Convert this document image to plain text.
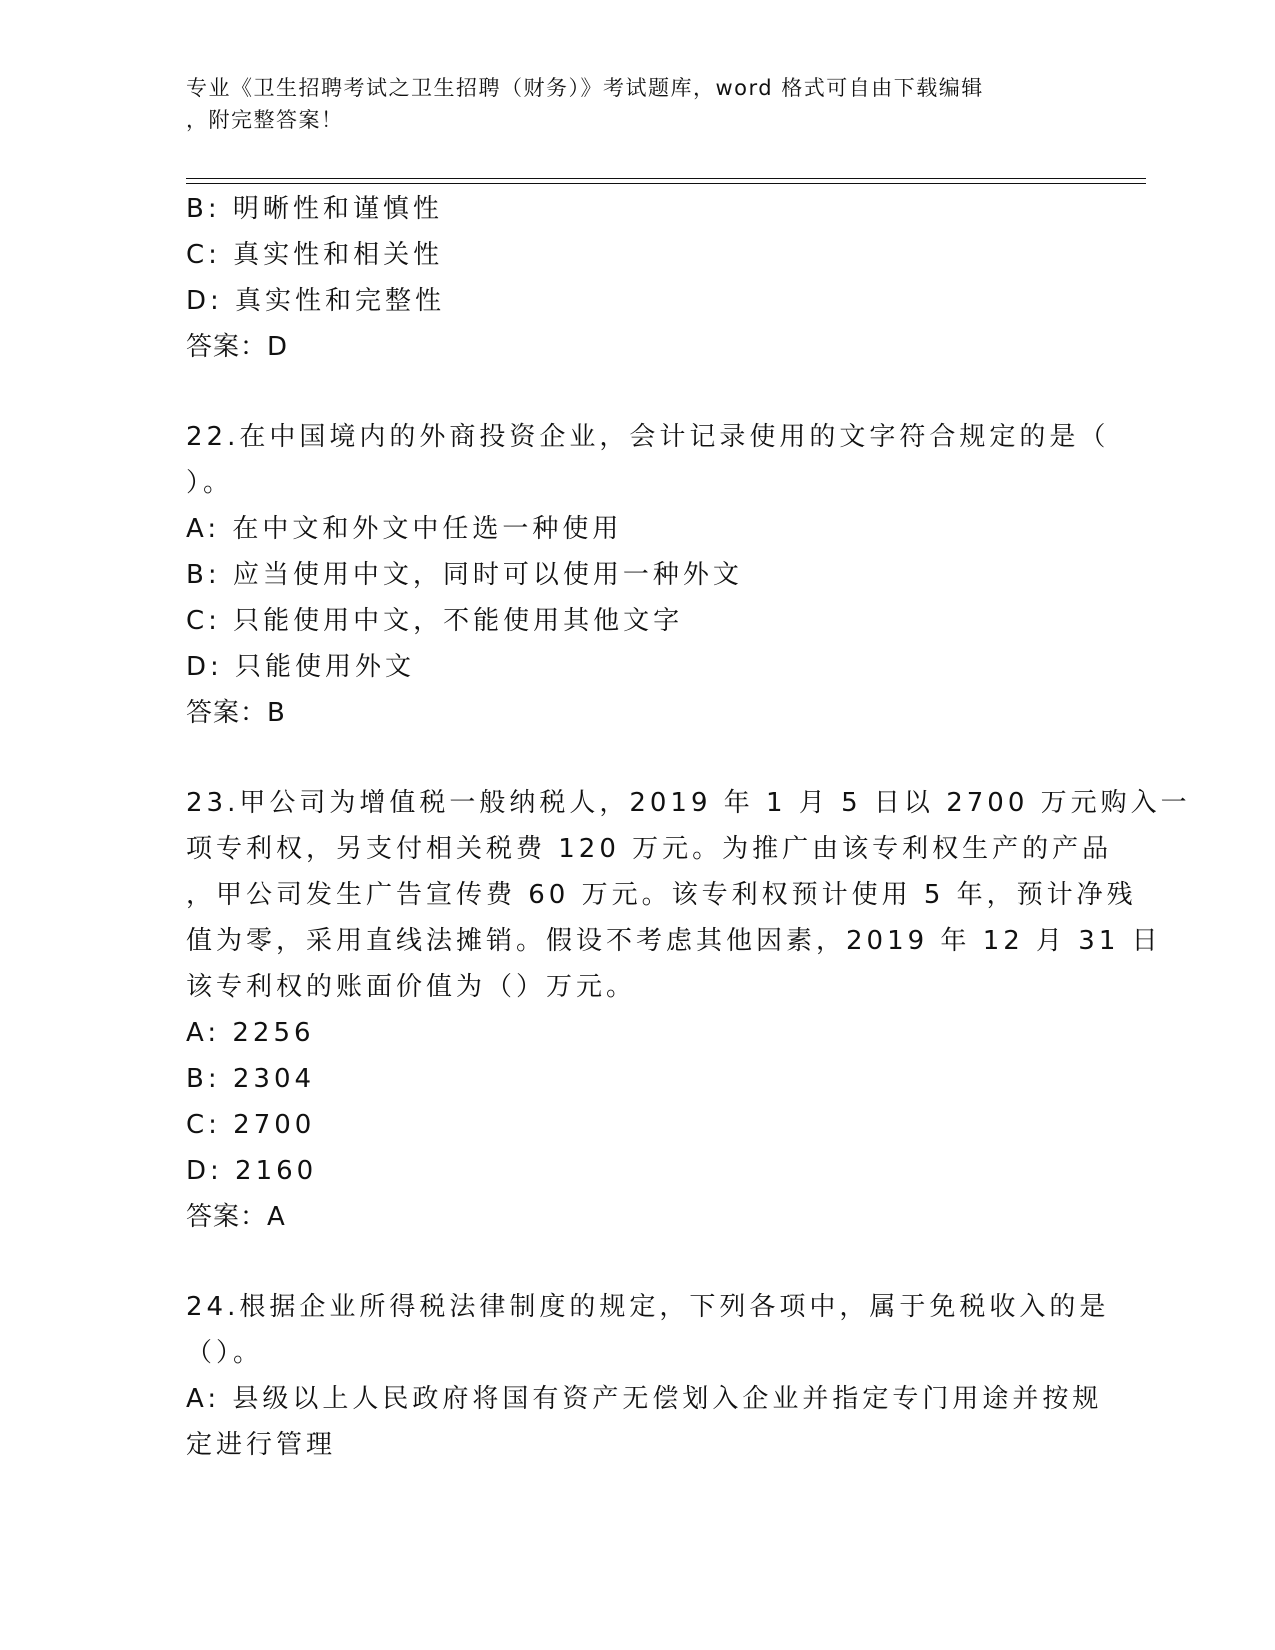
专业《卫生招聘考试之卫生招聘（财务）》考试题库，word 格式可自由下载编辑
，附完整答案！
B: 明晰性和谨慎性
C: 真实性和相关性
D: 真实性和完整性
答案：D
22.在中国境内的外商投资企业，会计记录使用的文字符合规定的是（
）。
A: 在中文和外文中任选一种使用
B: 应当使用中文，同时可以使用一种外文
C: 只能使用中文，不能使用其他文字
D: 只能使用外文
答案：B
23.甲公司为增值税一般纳税人，2019 年 1 月 5 日以 2700 万元购入一
项专利权，另支付相关税费 120 万元。为推广由该专利权生产的产品
，甲公司发生广告宣传费 60 万元。该专利权预计使用 5 年，预计净残
值为零，采用直线法摊销。假设不考虑其他因素，2019 年 12 月 31 日
该专利权的账面价值为（）万元。
A: 2256
B: 2304
C: 2700
D: 2160
答案：A
24.根据企业所得税法律制度的规定，下列各项中，属于免税收入的是
（）。
A: 县级以上人民政府将国有资产无偿划入企业并指定专门用途并按规
定进行管理
